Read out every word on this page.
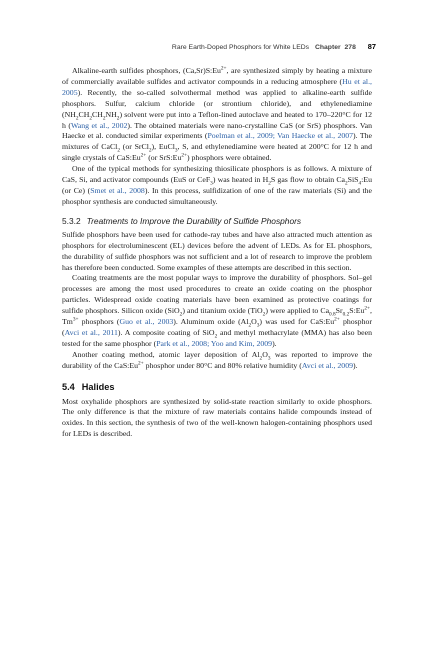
Rare Earth-Doped Phosphors for White LEDs Chapter 278 87

Alkaline-earth sulfides phosphors, $(Ca,Sr)S:Eu^{2+}$, are synthesized simply by heating a mixture of commercially available sulfides and activator compounds in a reducing atmosphere (Hu et al., 2005). Recently, the so-called solvothermal method was applied to alkaline-earth sulfide phosphors. Sulfur, calcium chloride (or strontium chloride), and ethylenediamine $(NH_2CH_2CH_2NH_2)$ solvent were put into a Teflon-lined autoclave and heated to 170–220°C for 12 h (Wang et al., 2002). The obtained materials were nano-crystalline CaS (or SrS) phosphors. Van Haecke et al. conducted similar experiments (Poelman et al., 2009; Van Haecke et al., 2007). The mixtures of CaCl$_2$ (or SrCl$_2$), EuCl$_3$, S, and ethylenediamine were heated at 200°C for 12 h and single crystals of $CaS:Eu^{2+}$ (or $SrS:Eu^{2+}$) phosphors were obtained.

One of the typical methods for synthesizing thiosilicate phosphors is as follows. A mixture of CaS, Si, and activator compounds (EuS or CeF$_3$) was heated in $H_2S$ gas flow to obtain $Ca_2SiS_4:Eu$ (or Ce) (Smet et al., 2008). In this process, sulfidization of one of the raw materials (Si) and the phosphor synthesis are conducted simultaneously.

5.3.2 Treatments to Improve the Durability of Sulfide Phosphors

Sulfide phosphors have been used for cathode-ray tubes and have also attracted much attention as phosphors for electroluminescent (EL) devices before the advent of LEDs. As for EL phosphors, the durability of sulfide phosphors was not sufficient and a lot of research to improve the problem has therefore been conducted. Some examples of these attempts are described in this section.

Coating treatments are the most popular ways to improve the durability of phosphors. Sol–gel processes are among the most used procedures to create an oxide coating on the phosphor particles. Widespread oxide coating materials have been examined as protective coatings for sulfide phosphors. Silicon oxide (SiO$_2$) and titanium oxide (TiO$_2$) were applied to $Ca_{0.8}Sr_{0.2}S:Eu^{2+}$, $Tm^{3+}$ phosphors (Guo et al., 2003). Aluminum oxide $(Al_2O_3)$ was used for $CaS:Eu^{2+}$ phosphor (Avci et al., 2011). A composite coating of SiO$_2$ and methyl methacrylate (MMA) has also been tested for the same phosphor (Park et al., 2008; Yoo and Kim, 2009).

Another coating method, atomic layer deposition of $Al_2O_3$ was reported to improve the durability of the $CaS:Eu^{2+}$ phosphor under 80°C and 80% relative humidity (Avci et al., 2009).

5.4 Halides

Most oxyhalide phosphors are synthesized by solid-state reaction similarly to oxide phosphors. The only difference is that the mixture of raw materials contains halide compounds instead of oxides. In this section, the synthesis of two of the well-known halogen-containing phosphors used for LEDs is described.
